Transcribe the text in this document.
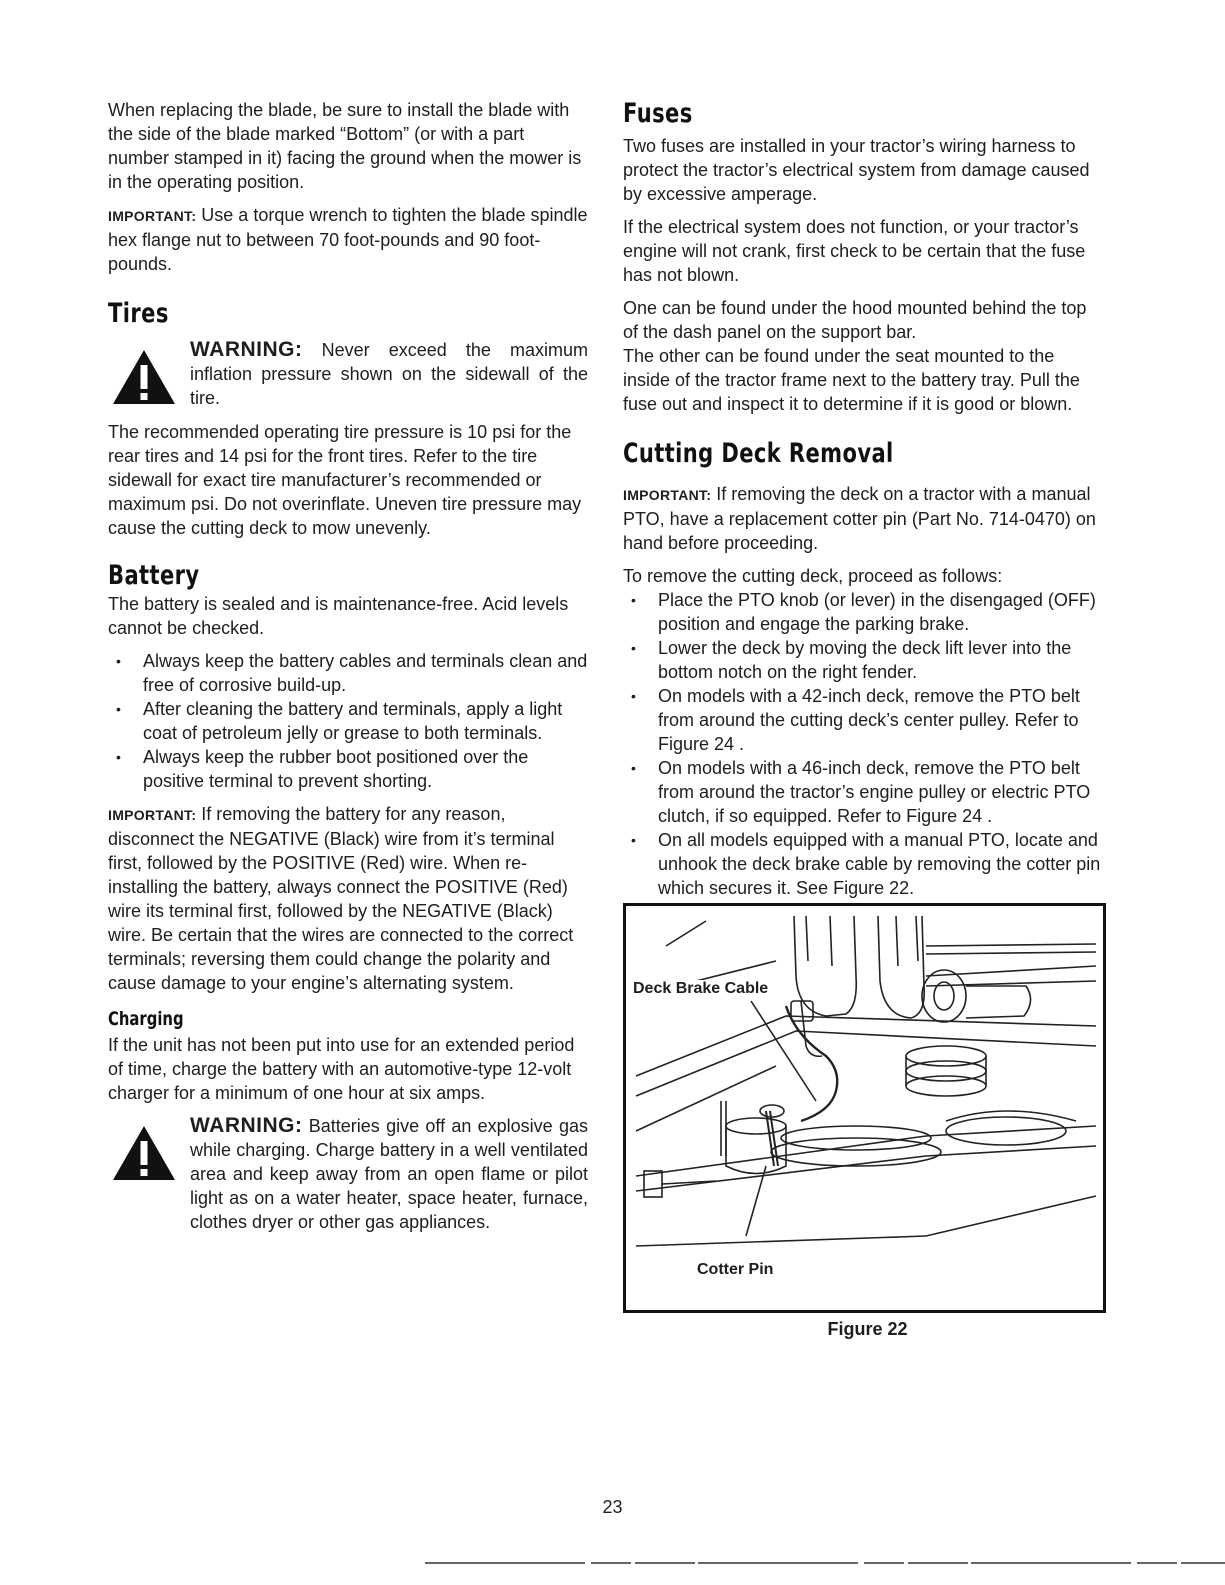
When replacing the blade, be sure to install the blade with the side of the blade marked “Bottom” (or with a part number stamped in it) facing the ground when the mower is in the operating position.

IMPORTANT: Use a torque wrench to tighten the blade spindle hex flange nut to between 70 foot-pounds and 90 foot-pounds.

Tires

WARNING: Never exceed the maximum inflation pressure shown on the sidewall of the tire.

The recommended operating tire pressure is 10 psi for the rear tires and 14 psi for the front tires. Refer to the tire sidewall for exact tire manufacturer’s recommended or maximum psi. Do not overinflate. Uneven tire pressure may cause the cutting deck to mow unevenly.

Battery

The battery is sealed and is maintenance-free. Acid levels cannot be checked.

• Always keep the battery cables and terminals clean and free of corrosive build-up.
• After cleaning the battery and terminals, apply a light coat of petroleum jelly or grease to both terminals.
• Always keep the rubber boot positioned over the positive terminal to prevent shorting.

IMPORTANT: If removing the battery for any reason, disconnect the NEGATIVE (Black) wire from it’s terminal first, followed by the POSITIVE (Red) wire. When re-installing the battery, always connect the POSITIVE (Red) wire its terminal first, followed by the NEGATIVE (Black) wire. Be certain that the wires are connected to the correct terminals; reversing them could change the polarity and cause damage to your engine’s alternating system.

Charging

If the unit has not been put into use for an extended period of time, charge the battery with an automotive-type 12-volt charger for a minimum of one hour at six amps.

WARNING: Batteries give off an explosive gas while charging. Charge battery in a well ventilated area and keep away from an open flame or pilot light as on a water heater, space heater, furnace, clothes dryer or other gas appliances.

Fuses

Two fuses are installed in your tractor’s wiring harness to protect the tractor’s electrical system from damage caused by excessive amperage.

If the electrical system does not function, or your tractor’s engine will not crank, first check to be certain that the fuse has not blown.

One can be found under the hood mounted behind the top of the dash panel on the support bar.

The other can be found under the seat mounted to the inside of the tractor frame next to the battery tray. Pull the fuse out and inspect it to determine if it is good or blown.

Cutting Deck Removal

IMPORTANT: If removing the deck on a tractor with a manual PTO, have a replacement cotter pin (Part No. 714-0470) on hand before proceeding.

To remove the cutting deck, proceed as follows:

• Place the PTO knob (or lever) in the disengaged (OFF) position and engage the parking brake.
• Lower the deck by moving the deck lift lever into the bottom notch on the right fender.
• On models with a 42-inch deck, remove the PTO belt from around the cutting deck’s center pulley. Refer to Figure 24 .
• On models with a 46-inch deck, remove the PTO belt from around the tractor’s engine pulley or electric PTO clutch, if so equipped. Refer to Figure 24 .
• On all models equipped with a manual PTO, locate and unhook the deck brake cable by removing the cotter pin which secures it. See Figure 22.
Deck Brake Cable
Cotter Pin
Figure 22
23
